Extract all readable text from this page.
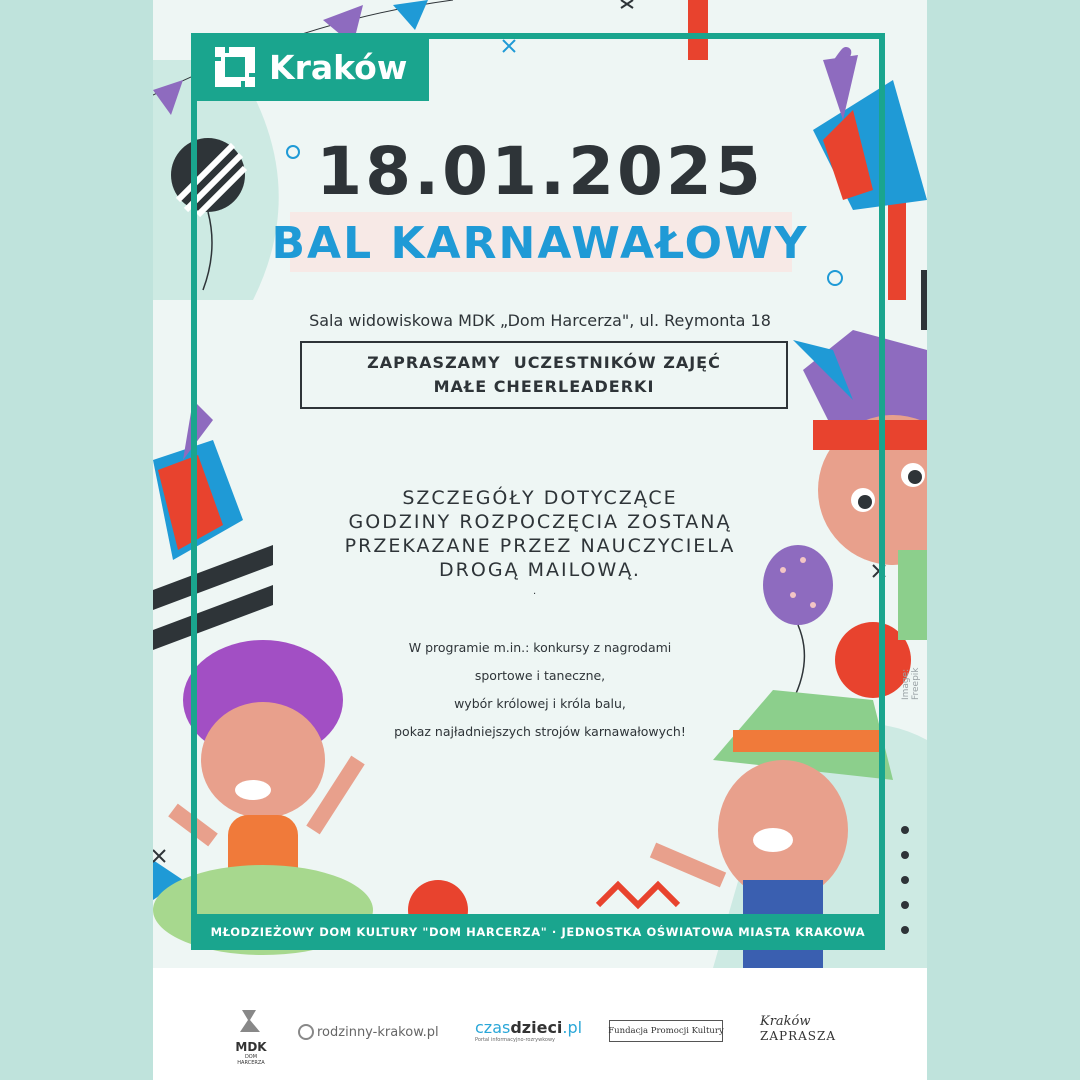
Kraków
18.01.2025
BAL KARNAWAŁOWY
Sala widowiskowa MDK „Dom Harcerza", ul. Reymonta 18
ZAPRASZAMY  UCZESTNIKÓW ZAJĘĆ
MAŁE CHEERLEADERKI
SZCZEGÓŁY DOTYCZĄCE
GODZINY ROZPOCZĘCIA ZOSTANĄ
PRZEKAZANE PRZEZ NAUCZYCIELA
DROGĄ MAILOWĄ.
.
W programie m.in.: konkursy z nagrodami
sportowe i taneczne,
wybór królowej i króla balu,
pokaz najładniejszych strojów karnawałowych!
Image: Freepik
MŁODZIEŻOWY DOM KULTURY "DOM HARCERZA" · JEDNOSTKA OŚWIATOWA MIASTA KRAKOWA
MDK
DOM HARCERZA
rodzinny-krakow.pl czasdzieci.pl
Portal informacyjno-rozrywkowy
Fundacja Promocji Kultury
Kraków
ZAPRASZA
